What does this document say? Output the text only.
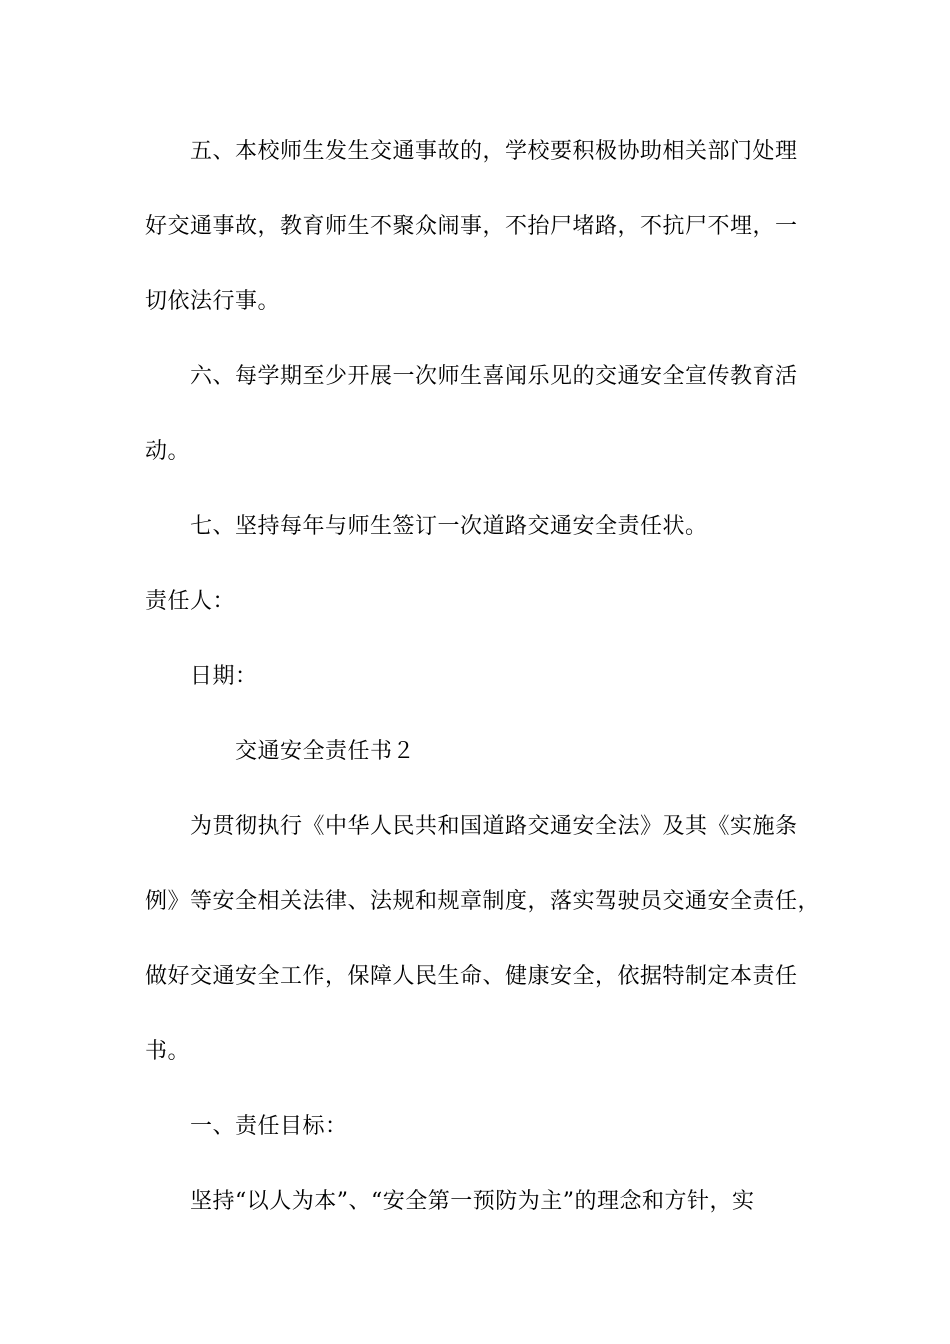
五、本校师生发生交通事故的，学校要积极协助相关部门处理
好交通事故，教育师生不聚众闹事，不抬尸堵路，不抗尸不埋，一
切依法行事。
六、每学期至少开展一次师生喜闻乐见的交通安全宣传教育活
动。
七、坚持每年与师生签订一次道路交通安全责任状。
责任人：
日期：
交通安全责任书２
为贯彻执行《中华人民共和国道路交通安全法》及其《实施条
例》等安全相关法律、法规和规章制度，落实驾驶员交通安全责任，
做好交通安全工作，保障人民生命、健康安全，依据特制定本责任
书。
一、责任目标：
坚持“以人为本”、“安全第一预防为主”的理念和方针，实
